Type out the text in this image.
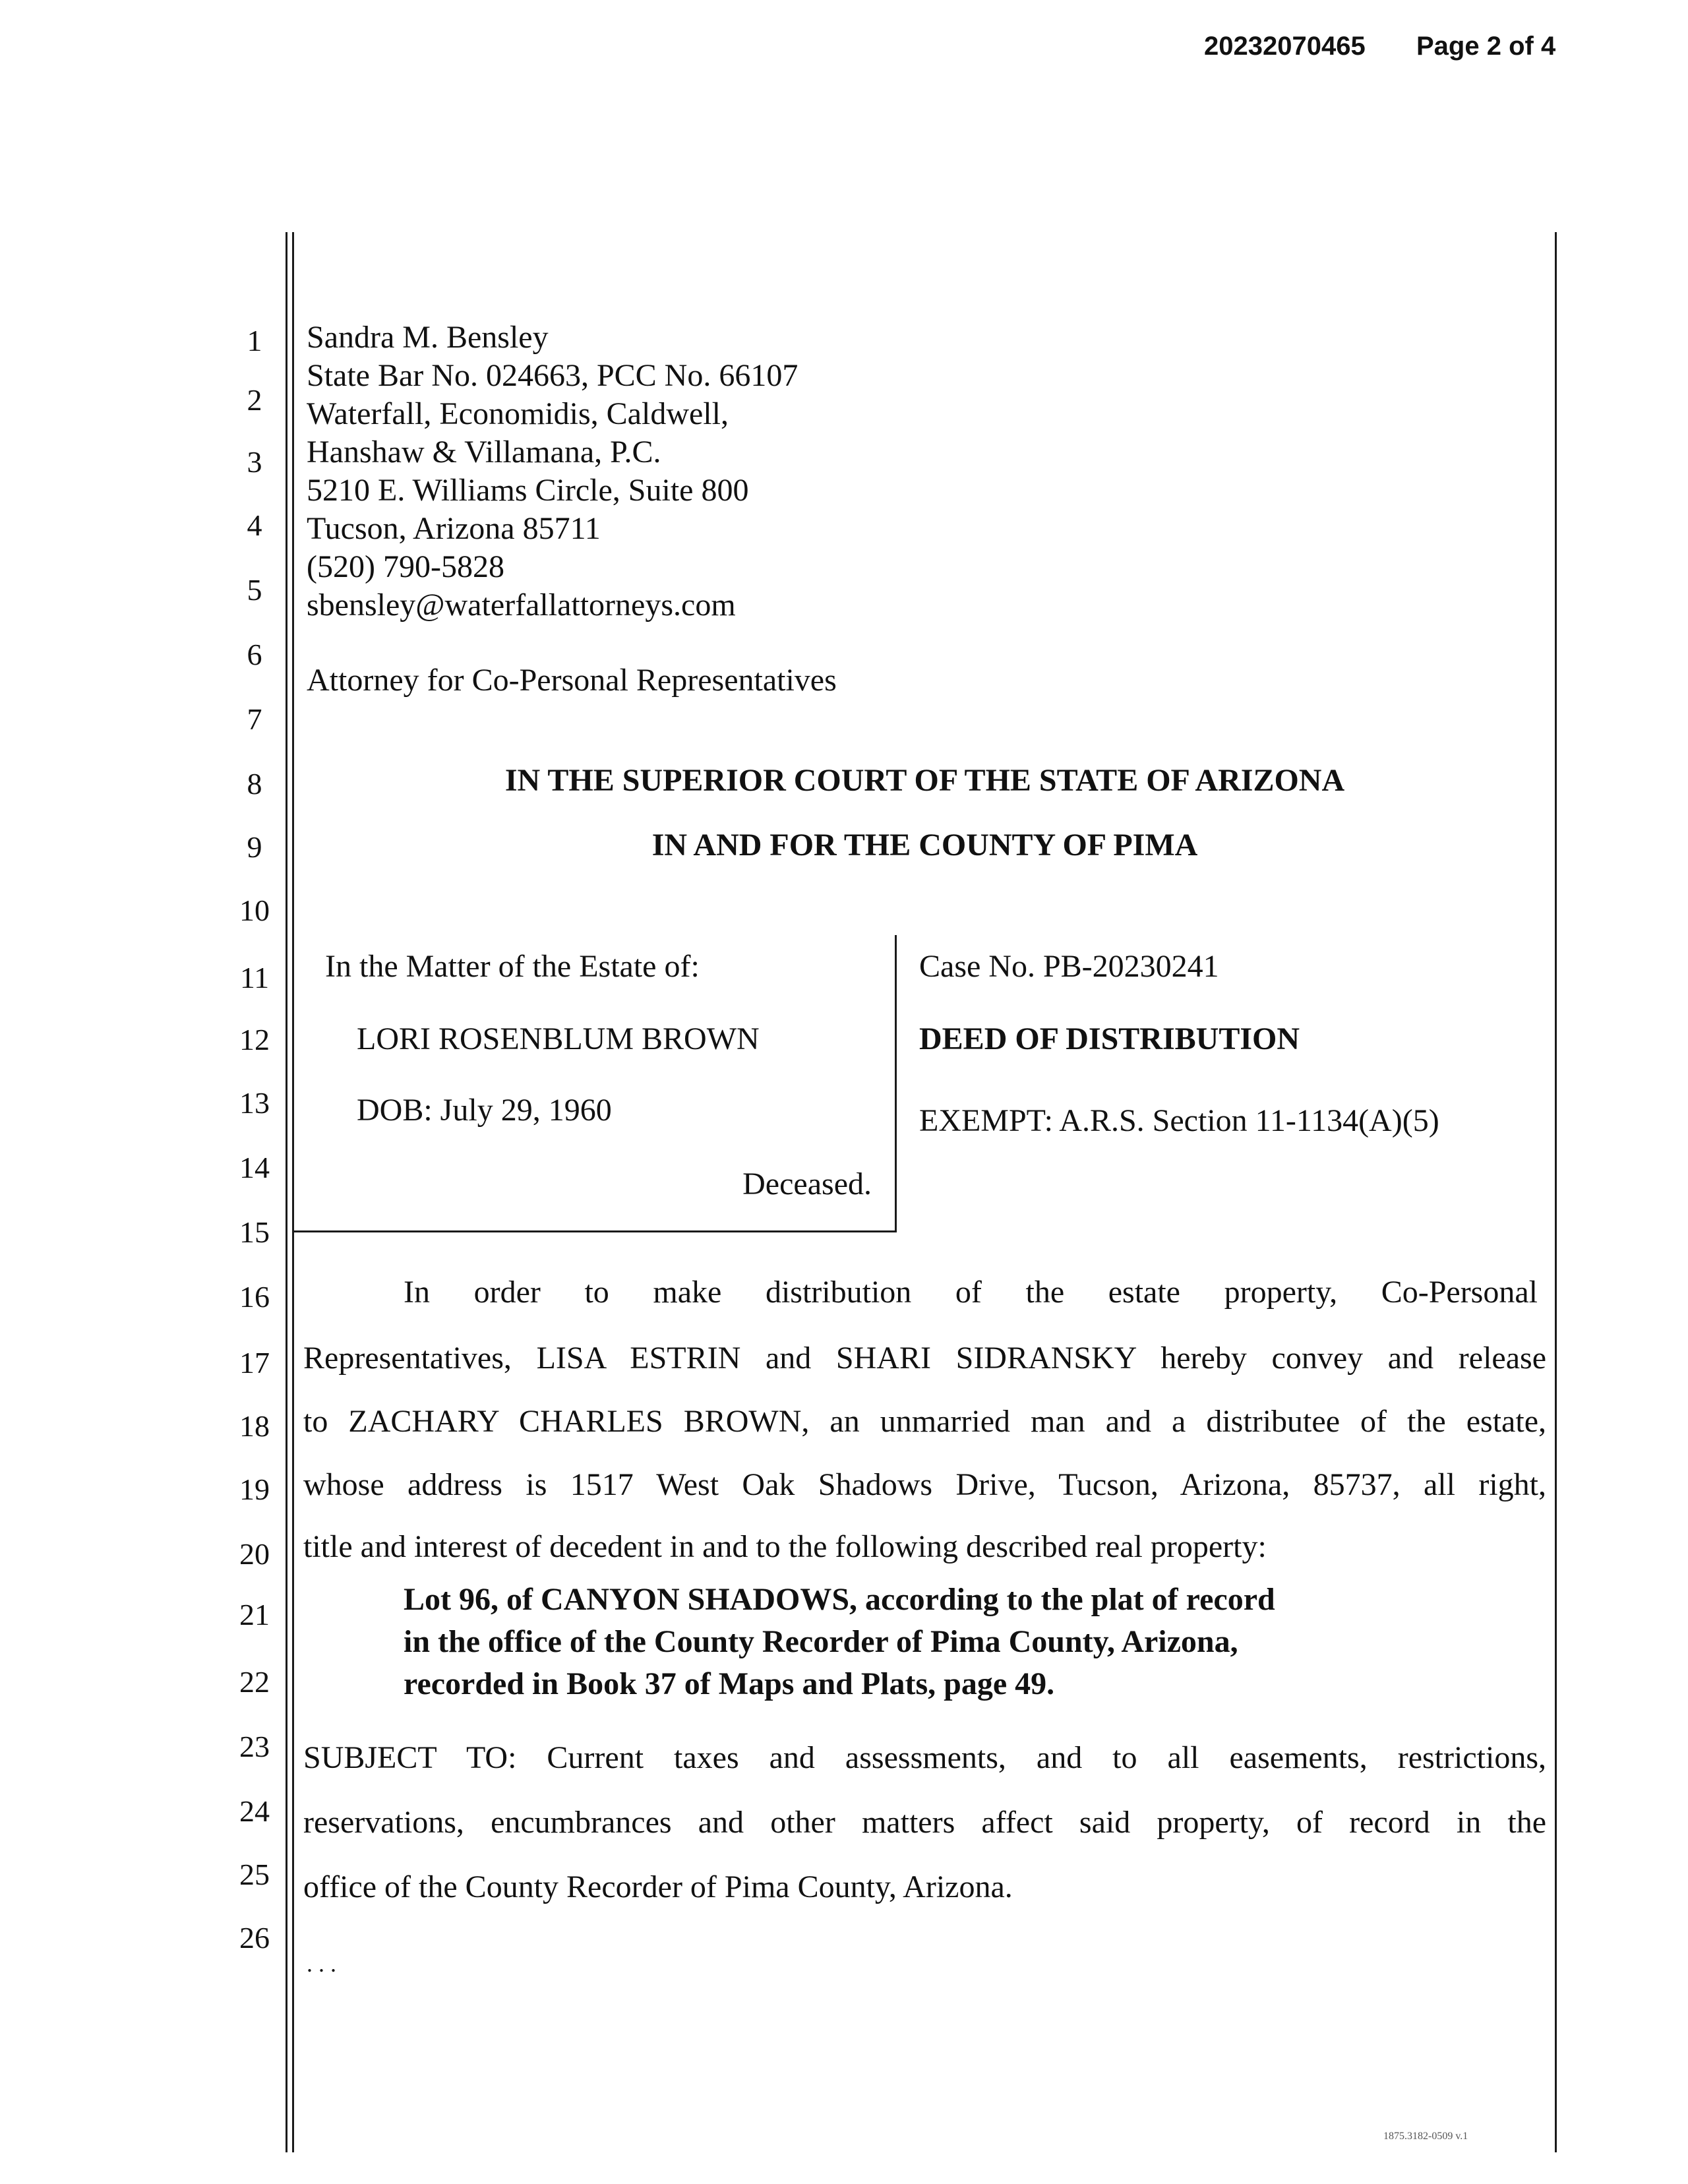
20232070465 Page 2 of 4
1
2
3
4
5
6
7
8
9
10
11
12
13
14
15
16
17
18
19
20
21
22
23
24
25
26
Sandra M. Bensley
State Bar No. 024663, PCC No. 66107
Waterfall, Economidis, Caldwell,
Hanshaw & Villamana, P.C.
5210 E. Williams Circle, Suite 800
Tucson, Arizona 85711
(520) 790-5828
sbensley@waterfallattorneys.com
Attorney for Co-Personal Representatives
IN THE SUPERIOR COURT OF THE STATE OF ARIZONA
IN AND FOR THE COUNTY OF PIMA
In the Matter of the Estate of:
LORI ROSENBLUM BROWN
DOB: July 29, 1960
Deceased.
Case No. PB-20230241
DEED OF DISTRIBUTION
EXEMPT: A.R.S. Section 11-1134(A)(5)
In order to make distribution of the estate property, Co-Personal
Representatives, LISA ESTRIN and SHARI SIDRANSKY hereby convey and release
to ZACHARY CHARLES BROWN, an unmarried man and a distributee of the estate,
whose address is 1517 West Oak Shadows Drive, Tucson, Arizona, 85737, all right,
title and interest of decedent in and to the following described real property:
Lot 96, of CANYON SHADOWS, according to the plat of record
in the office of the County Recorder of Pima County, Arizona,
recorded in Book 37 of Maps and Plats, page 49.
SUBJECT TO: Current taxes and assessments, and to all easements, restrictions,
reservations, encumbrances and other matters affect said property, of record in the
office of the County Recorder of Pima County, Arizona.
. . .
1875.3182-0509 v.1
